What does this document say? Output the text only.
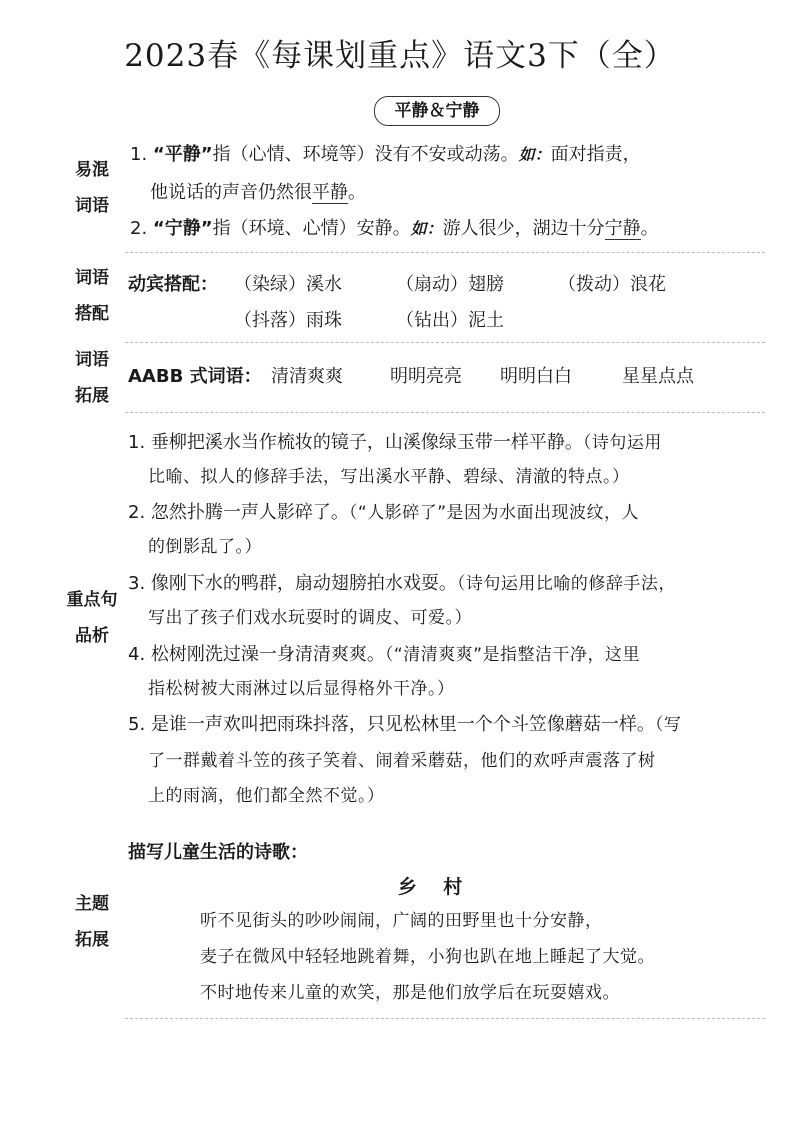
2023春《每课划重点》语文3下（全）
平静＆宁静
易混
词语
词语
搭配
词语
拓展
重点句
品析
主题
拓展
1. “平静”指（心情、环境等）没有不安或动荡。如：面对指责，
他说话的声音仍然很平静。
2. “宁静”指（环境、心情）安静。如：游人很少，湖边十分宁静。
动宾搭配： （染绿）溪水	（扇动）翅膀	（拨动）浪花
（抖落）雨珠	（钻出）泥土
AABB 式词语： 清清爽爽	明明亮亮 明明白白	星星点点
1. 垂柳把溪水当作梳妆的镜子，山溪像绿玉带一样平静。（诗句运用
比喻、拟人的修辞手法，写出溪水平静、碧绿、清澈的特点。）
2. 忽然扑腾一声人影碎了。（“人影碎了”是因为水面出现波纹，人
的倒影乱了。）
3. 像刚下水的鸭群，扇动翅膀拍水戏耍。（诗句运用比喻的修辞手法，
写出了孩子们戏水玩耍时的调皮、可爱。）
4. 松树刚洗过澡一身清清爽爽。（“清清爽爽”是指整洁干净，这里
指松树被大雨淋过以后显得格外干净。）
5. 是谁一声欢叫把雨珠抖落，只见松林里一个个斗笠像蘑菇一样。（写
了一群戴着斗笠的孩子笑着、闹着采蘑菇，他们的欢呼声震落了树
上的雨滴，他们都全然不觉。）
描写儿童生活的诗歌：
乡 村
听不见街头的吵吵闹闹，广阔的田野里也十分安静，
麦子在微风中轻轻地跳着舞，小狗也趴在地上睡起了大觉。
不时地传来儿童的欢笑，那是他们放学后在玩耍嬉戏。
